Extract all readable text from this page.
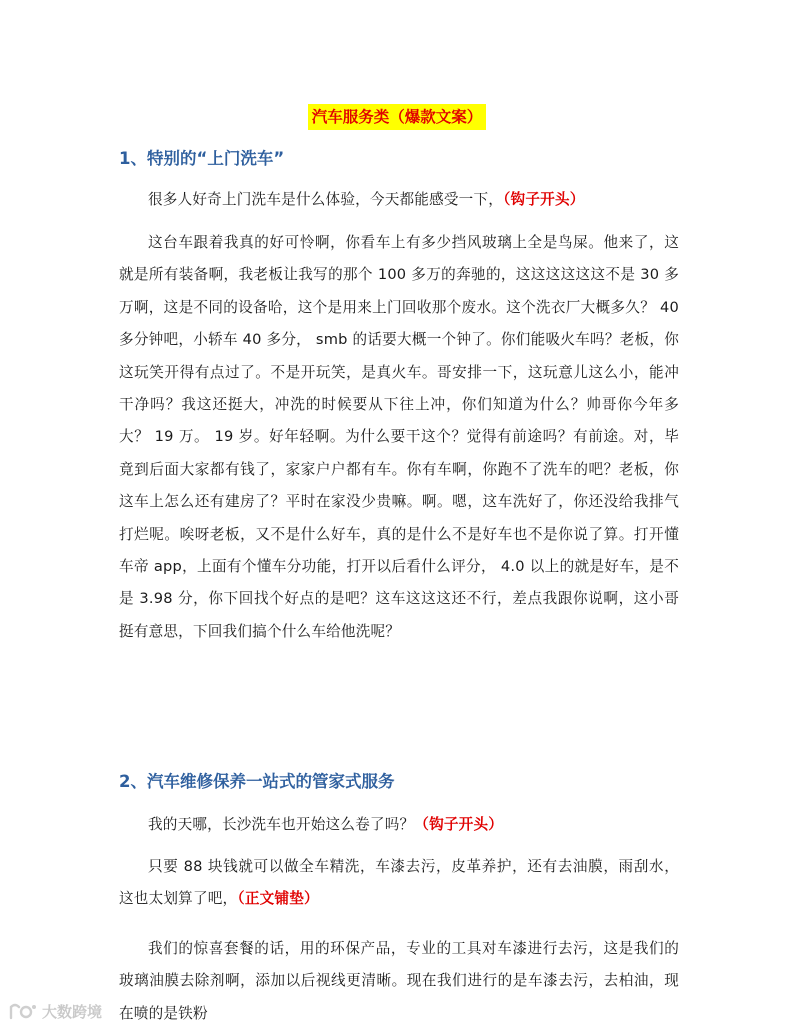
汽车服务类（爆款文案）
1、特别的“上门洗车”

很多人好奇上门洗车是什么体验，今天都能感受一下，（钩子开头）

这台车跟着我真的好可怜啊，你看车上有多少挡风玻璃上全是鸟屎。他来了，这就是所有装备啊，我老板让我写的那个 100 多万的奔驰的，这这这这这这不是 30 多万啊，这是不同的设备哈，这个是用来上门回收那个废水。这个洗衣厂大概多久？ 40 多分钟吧，小轿车 40 多分， smb 的话要大概一个钟了。你们能吸火车吗？老板，你这玩笑开得有点过了。不是开玩笑，是真火车。哥安排一下，这玩意儿这么小，能冲干净吗？我这还挺大，冲洗的时候要从下往上冲，你们知道为什么？帅哥你今年多大？ 19 万。 19 岁。好年轻啊。为什么要干这个？觉得有前途吗？有前途。对，毕竟到后面大家都有钱了，家家户户都有车。你有车啊，你跑不了洗车的吧？老板，你这车上怎么还有建房了？平时在家没少贵嘛。啊。嗯，这车洗好了，你还没给我排气打烂呢。唉呀老板，又不是什么好车，真的是什么不是好车也不是你说了算。打开懂车帝 app，上面有个懂车分功能，打开以后看什么评分， 4.0 以上的就是好车，是不是 3.98 分，你下回找个好点的是吧？这车这这这还不行，差点我跟你说啊，这小哥挺有意思，下回我们搞个什么车给他洗呢？

2、汽车维修保养一站式的管家式服务

我的天哪，长沙洗车也开始这么卷了吗？（钩子开头）

只要 88 块钱就可以做全车精洗，车漆去污，皮革养护，还有去油膜，雨刮水，这也太划算了吧，（正文铺垫）

我们的惊喜套餐的话，用的环保产品，专业的工具对车漆进行去污，这是我们的玻璃油膜去除剂啊，添加以后视线更清晰。现在我们进行的是车漆去污，去柏油，现在喷的是铁粉

大数跨境
